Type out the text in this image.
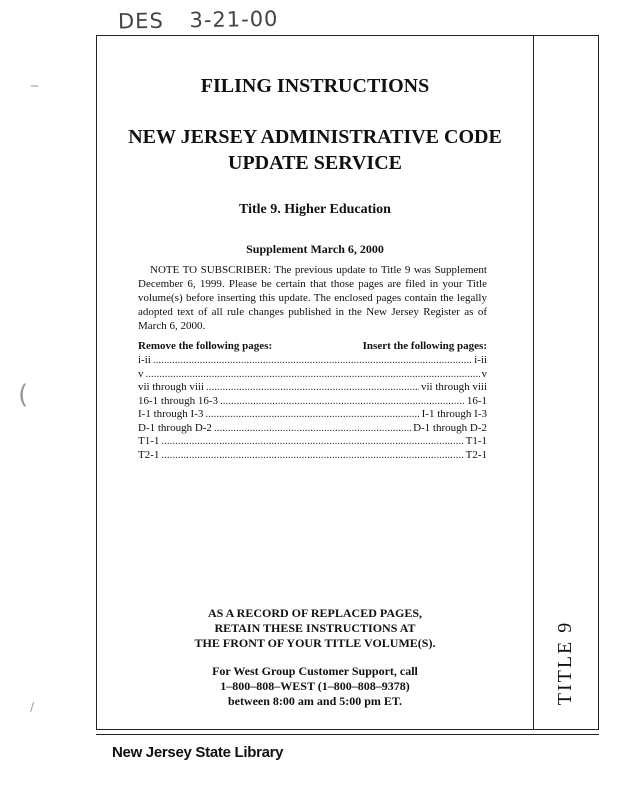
DES 3-21-00
‒
(
∕
TITLE 9
FILING INSTRUCTIONS
NEW JERSEY ADMINISTRATIVE CODE
UPDATE SERVICE
Title 9. Higher Education
Supplement March 6, 2000
NOTE TO SUBSCRIBER: The previous update to Title 9 was Supplement December 6, 1999. Please be certain that those pages are filed in your Title volume(s) before inserting this update. The enclosed pages contain the legally adopted text of all rule changes published in the New Jersey Register as of March 6, 2000.
Remove the following pages:	Insert the following pages:
i-ii .....	i-ii
v .....	v
vii through viii .....	vii through viii
16-1 through 16-3 .....	16-1
I-1 through I-3 .....	I-1 through I-3
D-1 through D-2 .....	D-1 through D-2
T1-1 .....	T1-1
T2-1 .....	T2-1
AS A RECORD OF REPLACED PAGES,
RETAIN THESE INSTRUCTIONS AT
THE FRONT OF YOUR TITLE VOLUME(S).
For West Group Customer Support, call
1–800–808–WEST (1–800–808–9378)
between 8:00 am and 5:00 pm ET.
New Jersey State Library
